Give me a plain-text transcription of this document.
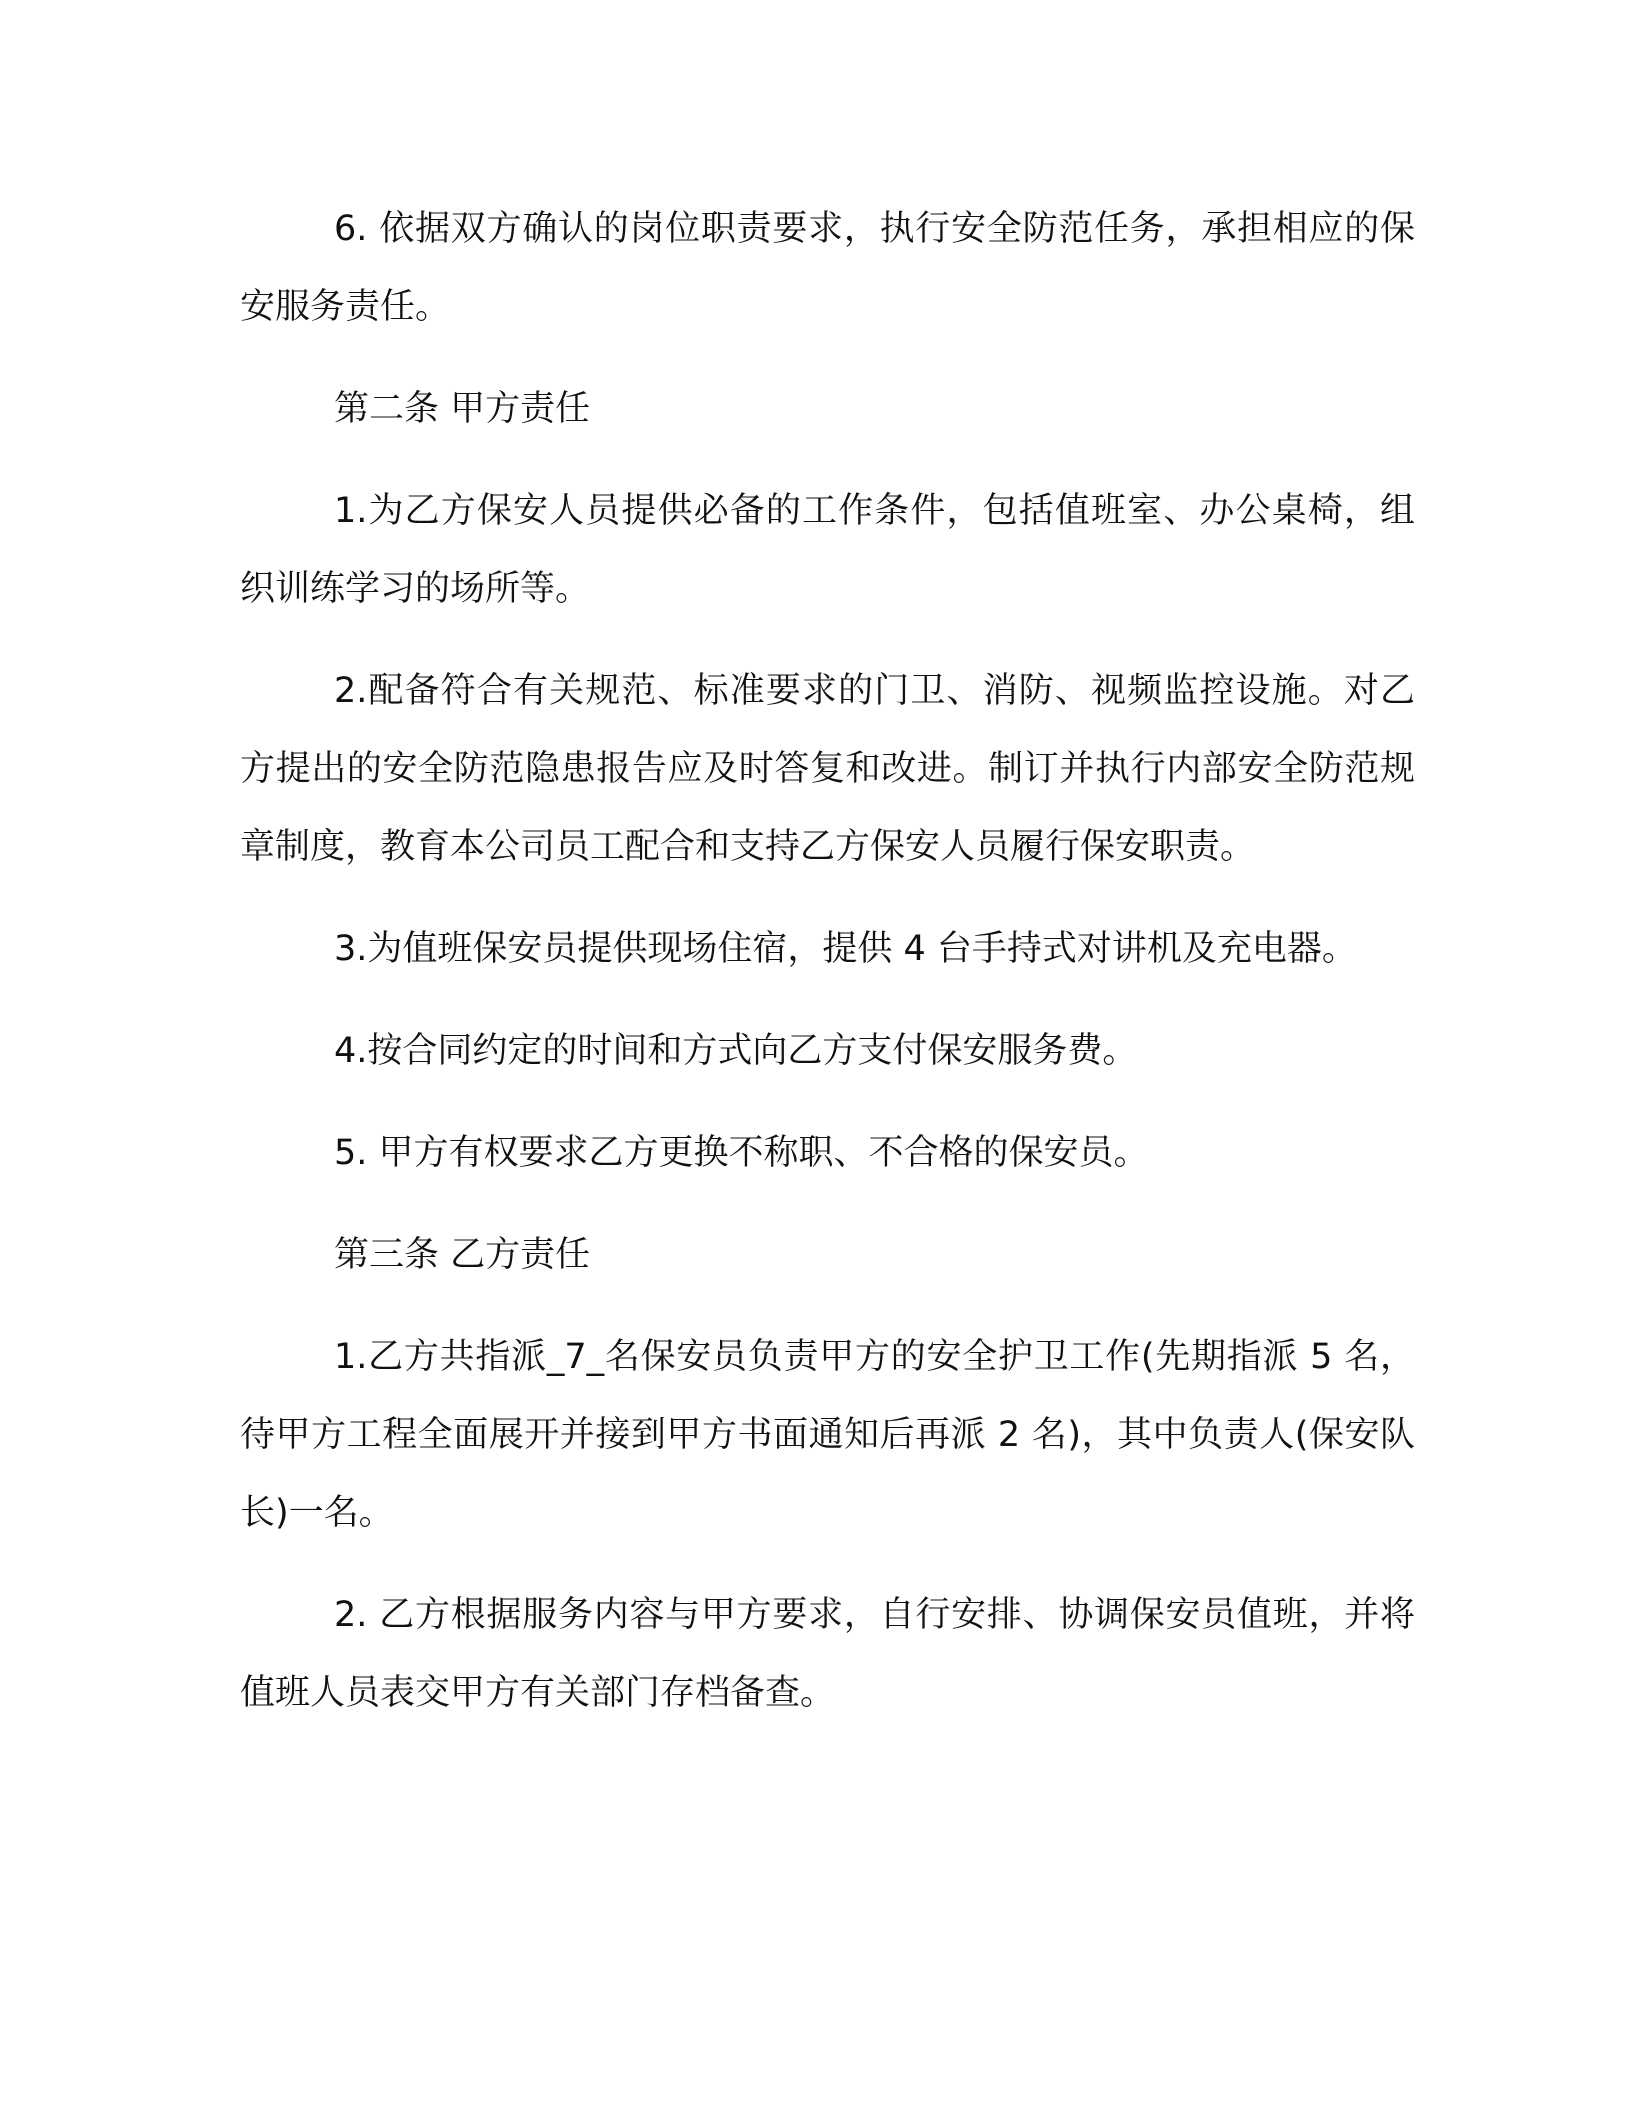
6. 依据双方确认的岗位职责要求，执行安全防范任务，承担相应的保安服务责任。

第二条 甲方责任

1.为乙方保安人员提供必备的工作条件，包括值班室、办公桌椅，组织训练学习的场所等。

2.配备符合有关规范、标准要求的门卫、消防、视频监控设施。对乙方提出的安全防范隐患报告应及时答复和改进。制订并执行内部安全防范规章制度，教育本公司员工配合和支持乙方保安人员履行保安职责。

3.为值班保安员提供现场住宿，提供 4 台手持式对讲机及充电器。

4.按合同约定的时间和方式向乙方支付保安服务费。

5. 甲方有权要求乙方更换不称职、不合格的保安员。

第三条 乙方责任

1.乙方共指派_7_名保安员负责甲方的安全护卫工作(先期指派 5 名，待甲方工程全面展开并接到甲方书面通知后再派 2 名)，其中负责人(保安队长)一名。

2. 乙方根据服务内容与甲方要求，自行安排、协调保安员值班，并将值班人员表交甲方有关部门存档备查。
